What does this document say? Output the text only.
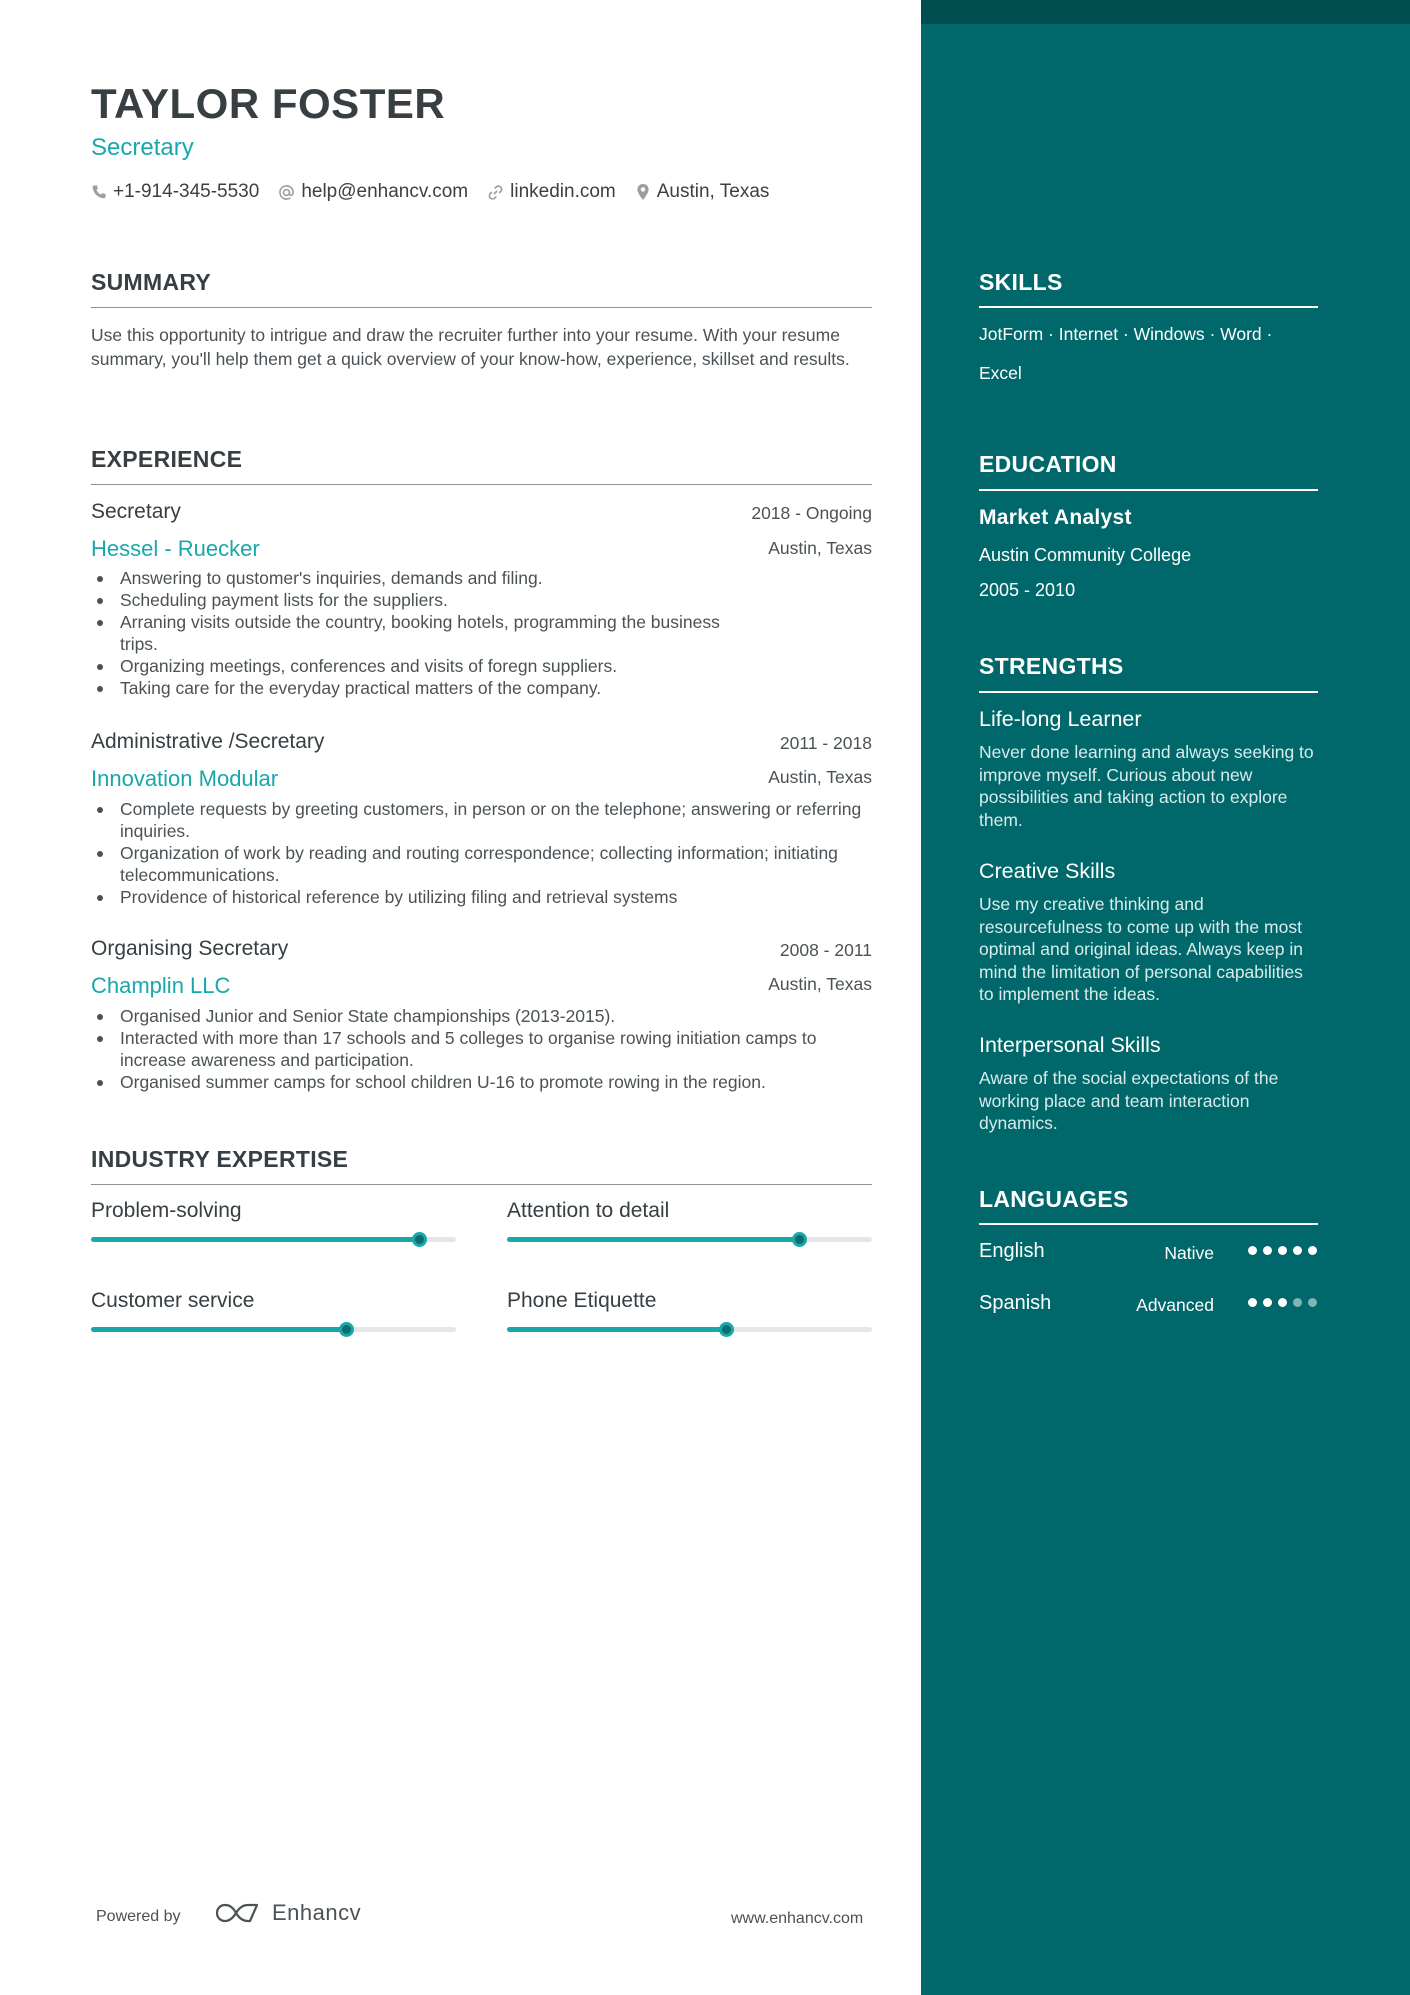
TAYLOR FOSTER
Secretary
+1-914-345-5530 help@enhancv.com linkedin.com Austin, Texas
SUMMARY

Use this opportunity to intrigue and draw the recruiter further into your resume. With your resume summary, you'll help them get a quick overview of your know-how, experience, skillset and results.

EXPERIENCE
Secretary	2018 - Ongoing
Hessel - Ruecker	Austin, Texas
Answering to qustomer's inquiries, demands and filing.
Scheduling payment lists for the suppliers.
Arraning visits outside the country, booking hotels, programming the business trips.
Organizing meetings, conferences and visits of foregn suppliers.
Taking care for the everyday practical matters of the company.
Administrative /Secretary	2011 - 2018
Innovation Modular	Austin, Texas
Complete requests by greeting customers, in person or on the telephone; answering or referring inquiries.
Organization of work by reading and routing correspondence; collecting information; initiating telecommunications.
Providence of historical reference by utilizing filing and retrieval systems
Organising Secretary	2008 - 2011
Champlin LLC	Austin, Texas
Organised Junior and Senior State championships (2013-2015).
Interacted with more than 17 schools and 5 colleges to organise rowing initiation camps to increase awareness and participation.
Organised summer camps for school children U-16 to promote rowing in the region.
INDUSTRY EXPERTISE
Problem-solving	Attention to detail
Customer service	Phone Etiquette
Powered by	Enhancv	www.enhancv.com
SKILLS
JotForm · Internet · Windows · Word · Excel
EDUCATION
Market Analyst
Austin Community College
2005 - 2010
STRENGTHS
Life-long Learner
Never done learning and always seeking to improve myself. Curious about new possibilities and taking action to explore them.
Creative Skills
Use my creative thinking and resourcefulness to come up with the most optimal and original ideas. Always keep in mind the limitation of personal capabilities to implement the ideas.
Interpersonal Skills
Aware of the social expectations of the working place and team interaction dynamics.
LANGUAGES
English	Native
Spanish	Advanced
